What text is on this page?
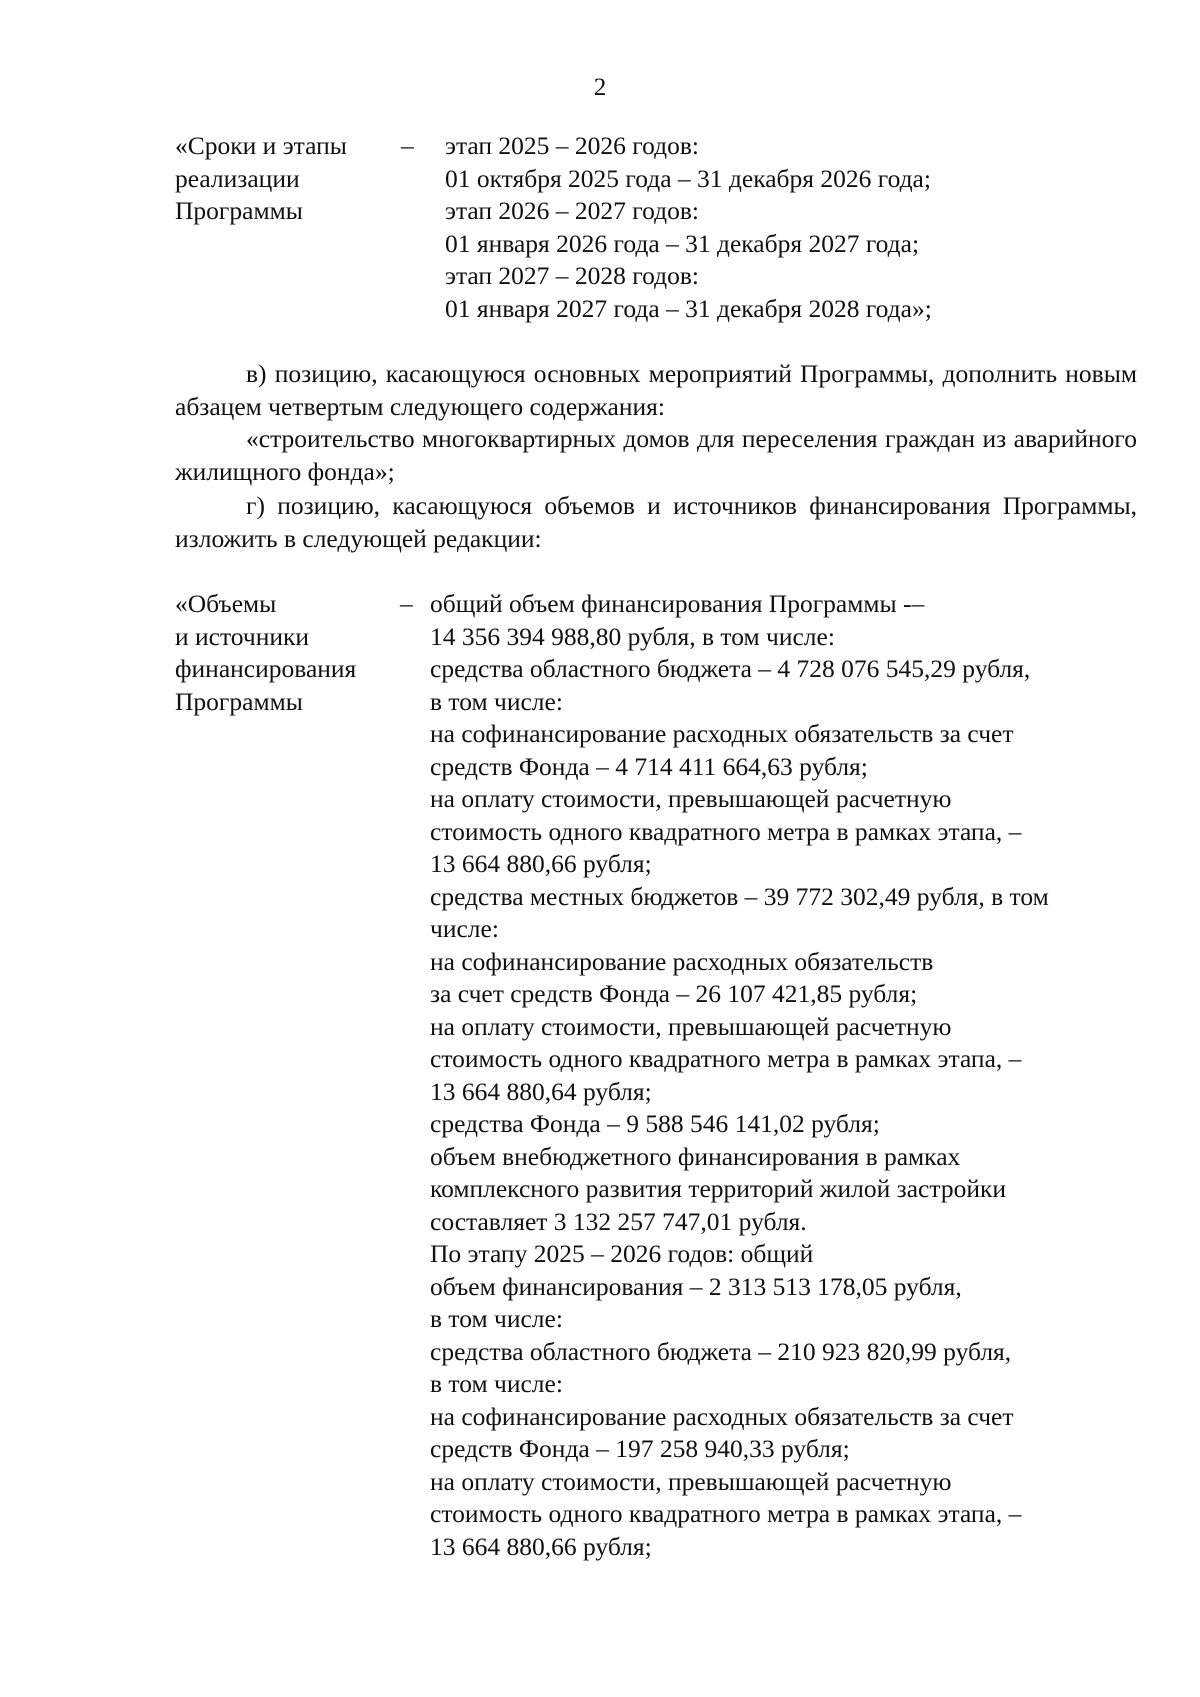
2
«Сроки и этапы
реализации
Программы
–	этап 2025 – 2026 годов:
01 октября 2025 года – 31 декабря 2026 года;
этап 2026 – 2027 годов:
01 января 2026 года – 31 декабря 2027 года;
этап 2027 – 2028 годов:
01 января 2027 года – 31 декабря 2028 года»;

в) позицию, касающуюся основных мероприятий Программы, дополнить новым абзацем четвертым следующего содержания:

«строительство многоквартирных домов для переселения граждан из аварийного жилищного фонда»;

г) позицию, касающуюся объемов и источников финансирования Программы, изложить в следующей редакции:

«Объемы
и источники
финансирования
Программы
– общий объем финансирования Программы -–
14 356 394 988,80 рубля, в том числе:
средства областного бюджета – 4 728 076 545,29 рубля,
в том числе:
на софинансирование расходных обязательств за счет
средств Фонда – 4 714 411 664,63 рубля;
на оплату стоимости, превышающей расчетную
стоимость одного квадратного метра в рамках этапа, –
13 664 880,66 рубля;
средства местных бюджетов – 39 772 302,49 рубля, в том
числе:
на софинансирование расходных обязательств
за счет средств Фонда – 26 107 421,85 рубля;
на оплату стоимости, превышающей расчетную
стоимость одного квадратного метра в рамках этапа, –
13 664 880,64 рубля;
средства Фонда – 9 588 546 141,02 рубля;
объем внебюджетного финансирования в рамках
комплексного развития территорий жилой застройки
составляет 3 132 257 747,01 рубля.
По этапу 2025 – 2026 годов: общий
объем финансирования – 2 313 513 178,05 рубля,
в том числе:
средства областного бюджета – 210 923 820,99 рубля,
в том числе:
на софинансирование расходных обязательств за счет
средств Фонда – 197 258 940,33 рубля;
на оплату стоимости, превышающей расчетную
стоимость одного квадратного метра в рамках этапа, –
13 664 880,66 рубля;
